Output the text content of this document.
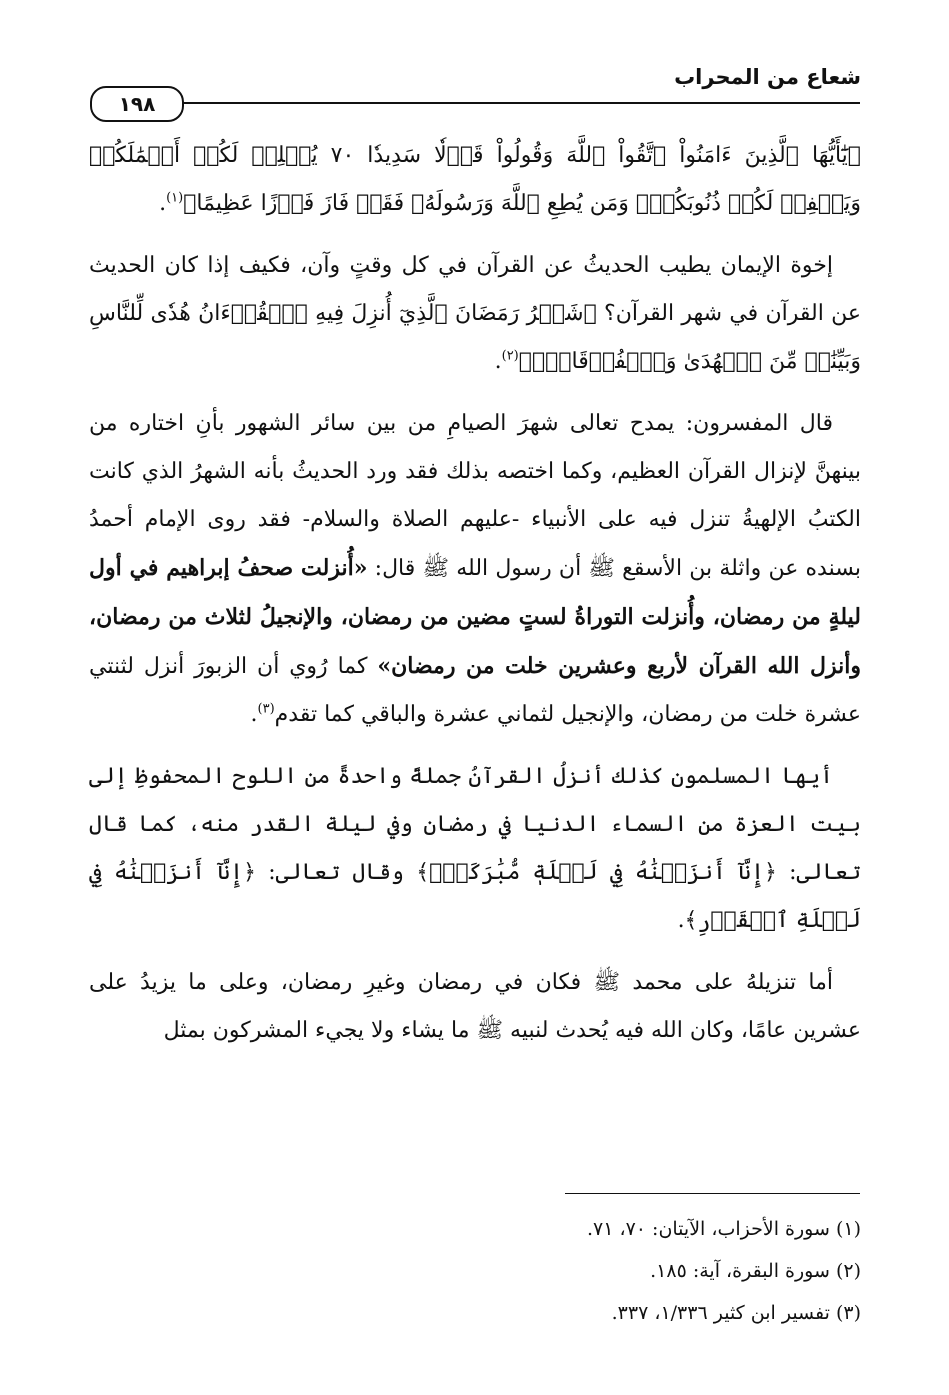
شعاع من المحراب
١٩٨

﴿يَٰٓأَيُّهَا ٱلَّذِينَ ءَامَنُواْ ٱتَّقُواْ ٱللَّهَ وَقُولُواْ قَوۡلٗا سَدِيدٗا ٧٠ يُصۡلِحۡ لَكُمۡ أَعۡمَٰلَكُمۡ وَيَغۡفِرۡ لَكُمۡ ذُنُوبَكُمۡۗ وَمَن يُطِعِ ٱللَّهَ وَرَسُولَهُۥ فَقَدۡ فَازَ فَوۡزًا عَظِيمًا﴾$^{(١)}$.

إخوة الإيمان يطيب الحديثُ عن القرآن في كل وقتٍ وآن، فكيف إذا كان الحديث عن القرآن في شهر القرآن؟ ﴿شَهۡرُ رَمَضَانَ ٱلَّذِيٓ أُنزِلَ فِيهِ ٱلۡقُرۡءَانُ هُدٗى لِّلنَّاسِ وَبَيِّنَٰتٖ مِّنَ ٱلۡهُدَىٰ وَٱلۡفُرۡقَانِۚ﴾$^{(٢)}$.

قال المفسرون: يمدح تعالى شهرَ الصيامِ من بين سائر الشهور بأنِ اختاره من بينهنَّ لإنزال القرآن العظيم، وكما اختصه بذلك فقد ورد الحديثُ بأنه الشهرُ الذي كانت الكتبُ الإلهيةُ تنزل فيه على الأنبياء -عليهم الصلاة والسلام- فقد روى الإمام أحمدُ بسنده عن واثلة بن الأسقع ﷺ أن رسول الله ﷺ قال: «أُنزلت صحفُ إبراهيم في أول ليلةٍ من رمضان، وأُنزلت التوراةُ لستٍ مضين من رمضان، والإنجيلُ لثلاث من رمضان، وأنزل الله القرآن لأربع وعشرين خلت من رمضان» كما رُوي أن الزبورَ أنزل لثنتي عشرة خلت من رمضان، والإنجيل لثماني عشرة والباقي كما تقدم$^{(٣)}$.

أيها المسلمون كذلك أنزلُ القرآنُ جملةً واحدةً من اللوح المحفوظِ إلى بيت العزة من السماء الدنيا في رمضان وفي ليلة القدر منه، كما قال تعالى: ﴿إِنَّآ أَنزَلۡنَٰهُ فِي لَيۡلَةٖ مُّبَٰرَكَةٍۚ﴾ وقال تعالى: ﴿إِنَّآ أَنزَلۡنَٰهُ فِي لَيۡلَةِ ٱلۡقَدۡرِ﴾.

أما تنزيلهُ على محمد ﷺ فكان في رمضان وغيرِ رمضان، وعلى ما يزيدُ على عشرين عامًا، وكان الله فيه يُحدث لنبيه ﷺ ما يشاء ولا يجيء المشركون بمثل

(١) سورة الأحزاب، الآيتان: ٧٠، ٧١.

(٢) سورة البقرة، آية: ١٨٥.

(٣) تفسير ابن كثير ١/٣٣٦، ٣٣٧.
